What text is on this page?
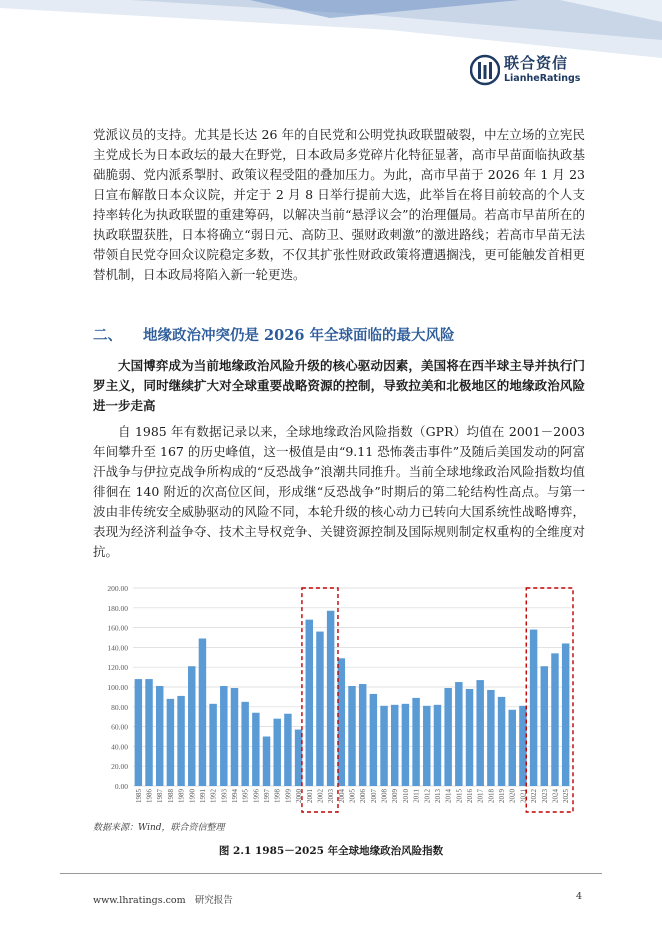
联合资信
LianheRatings

党派议员的支持。尤其是长达 26 年的自民党和公明党执政联盟破裂，中左立场的立宪民主党成长为日本政坛的最大在野党，日本政局多党碎片化特征显著，高市早苗面临执政基础脆弱、党内派系掣肘、政策议程受阻的叠加压力。为此，高市早苗于 2026 年 1 月 23 日宣布解散日本众议院，并定于 2 月 8 日举行提前大选，此举旨在将目前较高的个人支持率转化为执政联盟的重建筹码，以解决当前“悬浮议会”的治理僵局。若高市早苗所在的执政联盟获胜，日本将确立“弱日元、高防卫、强财政刺激”的激进路线；若高市早苗无法带领自民党夺回众议院稳定多数，不仅其扩张性财政政策将遭遇搁浅，更可能触发首相更替机制，日本政局将陷入新一轮更迭。

二、 地缘政治冲突仍是 2026 年全球面临的最大风险

大国博弈成为当前地缘政治风险升级的核心驱动因素，美国将在西半球主导并执行门罗主义，同时继续扩大对全球重要战略资源的控制，导致拉美和北极地区的地缘政治风险进一步走高

自 1985 年有数据记录以来，全球地缘政治风险指数（GPR）均值在 2001－2003 年间攀升至 167 的历史峰值，这一极值是由“9.11 恐怖袭击事件”及随后美国发动的阿富汗战争与伊拉克战争所构成的“反恐战争”浪潮共同推升。当前全球地缘政治风险指数均值徘徊在 140 附近的次高位区间，形成继“反恐战争”时期后的第二轮结构性高点。与第一波由非传统安全威胁驱动的风险不同，本轮升级的核心动力已转向大国系统性战略博弈，表现为经济利益争夺、技术主导权竞争、关键资源控制及国际规则制定权重构的全维度对抗。

0.00
20.00
40.00
60.00
80.00
100.00
120.00
140.00
160.00
180.00
200.00
1985 1986 1987 1988 1989 1990 1991 1992 1993 1994 1995 1996 1997 1998 1999 2000 2001 2002 2003 2004 2005 2006 2007 2008 2009 2010 2011 2012 2013 2014 2015 2016 2017 2018 2019 2020 2021 2022 2023 2024 2025
数据来源：Wind，联合资信整理
图 2.1 1985－2025 年全球地缘政治风险指数
www.lhratings.com 研究报告	4
